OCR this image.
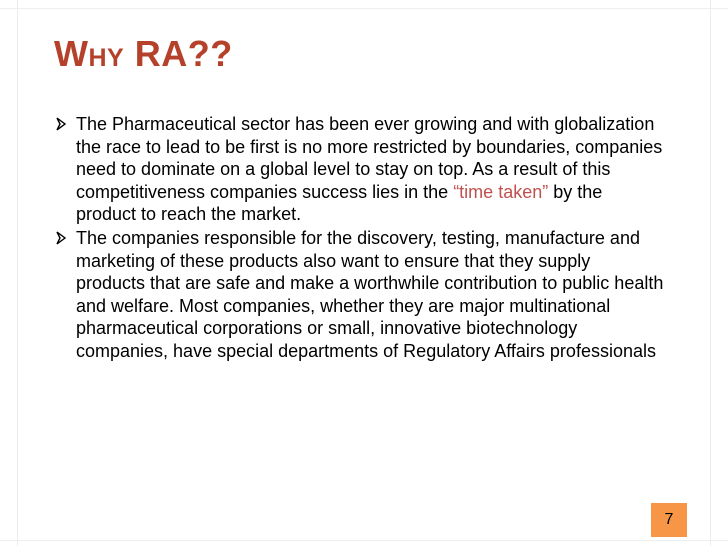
Why RA??

The Pharmaceutical sector has been ever growing and with globalization the race to lead to be first is no more restricted by boundaries, companies need to dominate on a global level to stay on top. As a result of this competitiveness companies success lies in the “time taken” by the product to reach the market.

The companies responsible for the discovery, testing, manufacture and marketing of these products also want to ensure that they supply products that are safe and make a worthwhile contribution to public health and welfare. Most companies, whether they are major multinational pharmaceutical corporations or small, innovative biotechnology companies, have special departments of Regulatory Affairs professionals

7
